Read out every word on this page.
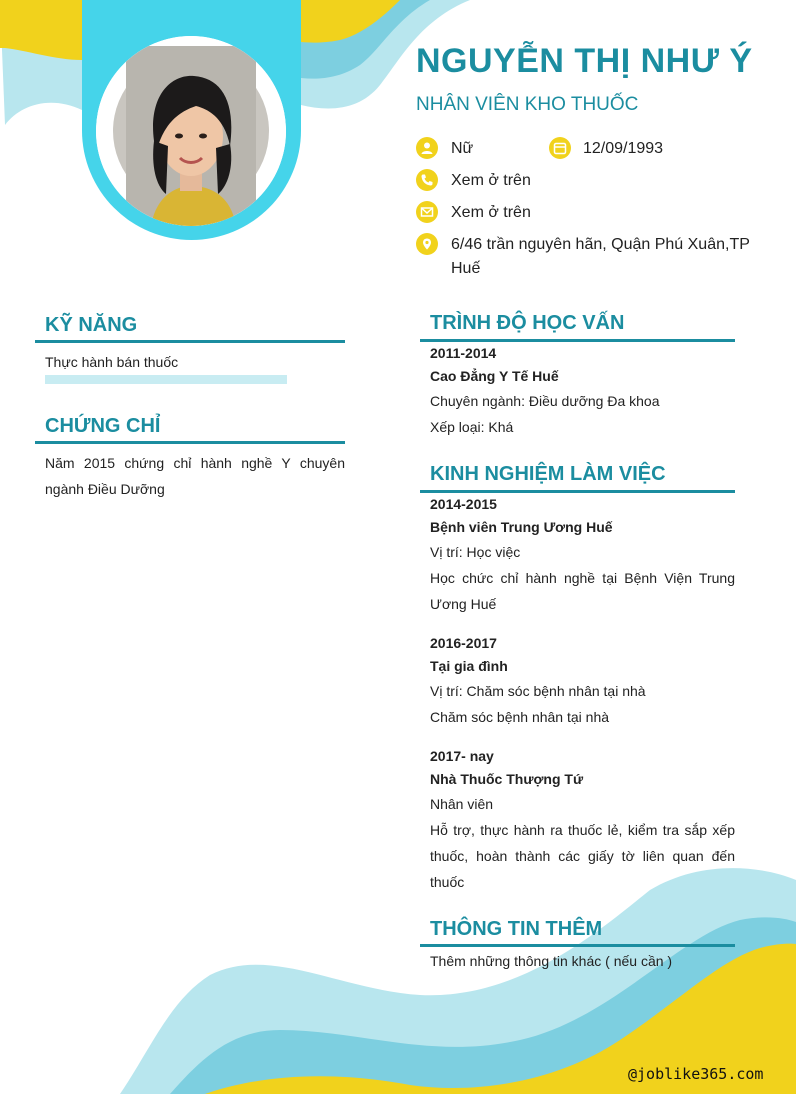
NGUYỄN THỊ NHƯ Ý
NHÂN VIÊN KHO THUỐC
Nữ	12/09/1993
Xem ở trên
Xem ở trên
6/46 trần nguyên hãn, Quận Phú Xuân,TP Huế
KỸ NĂNG
Thực hành bán thuốc
CHỨNG CHỈ
Năm 2015 chứng chỉ hành nghề Y chuyên ngành Điều Dưỡng
TRÌNH ĐỘ HỌC VẤN
2011-2014
Cao Đẳng Y Tế Huế
Chuyên ngành: Điều dưỡng Đa khoa
Xếp loại: Khá
KINH NGHIỆM LÀM VIỆC
2014-2015
Bệnh viên Trung Ương Huế
Vị trí: Học việc
Học chức chỉ hành nghề tại Bệnh Viện Trung Ương Huế
2016-2017
Tại gia đình
Vị trí: Chăm sóc bệnh nhân tại nhà
Chăm sóc bệnh nhân tại nhà
2017- nay
Nhà Thuốc Thượng Tứ
Nhân viên
Hỗ trợ, thực hành ra thuốc lẻ, kiểm tra sắp xếp thuốc, hoàn thành các giấy tờ liên quan đến thuốc
THÔNG TIN THÊM
Thêm những thông tin khác ( nếu cần )
@joblike365.com
